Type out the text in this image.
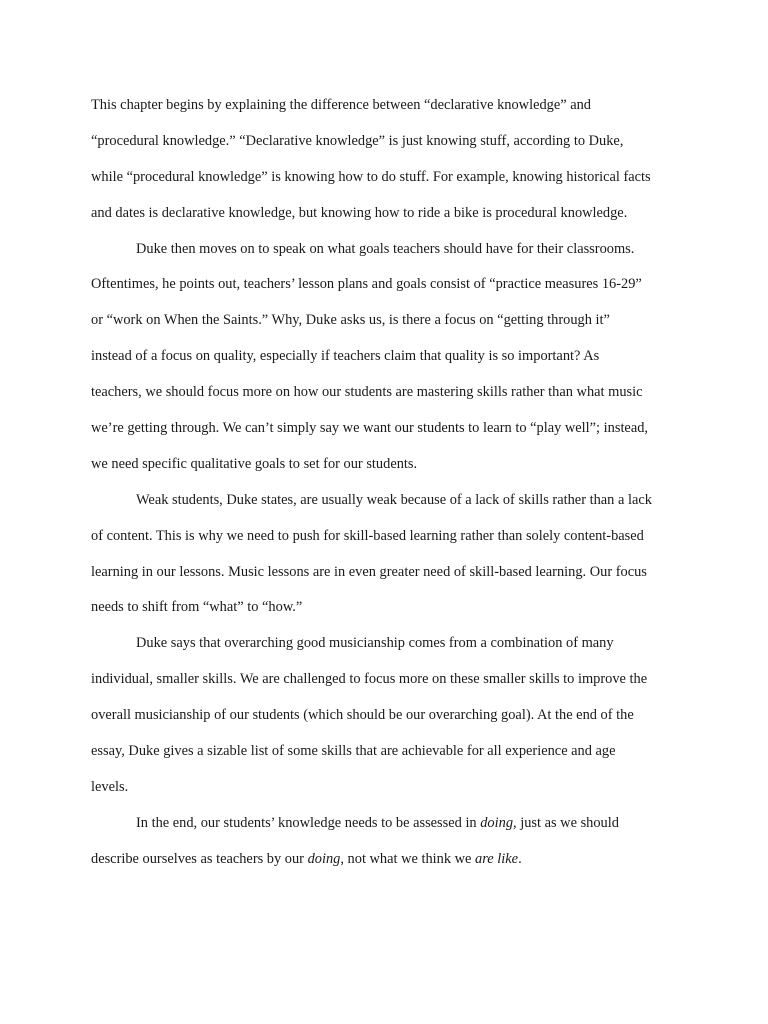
This chapter begins by explaining the difference between “declarative knowledge” and
“procedural knowledge.” “Declarative knowledge” is just knowing stuff, according to Duke,
while “procedural knowledge” is knowing how to do stuff. For example, knowing historical facts
and dates is declarative knowledge, but knowing how to ride a bike is procedural knowledge.
Duke then moves on to speak on what goals teachers should have for their classrooms.
Oftentimes, he points out, teachers’ lesson plans and goals consist of “practice measures 16-29”
or “work on When the Saints.” Why, Duke asks us, is there a focus on “getting through it”
instead of a focus on quality, especially if teachers claim that quality is so important? As
teachers, we should focus more on how our students are mastering skills rather than what music
we’re getting through. We can’t simply say we want our students to learn to “play well”; instead,
we need specific qualitative goals to set for our students.
Weak students, Duke states, are usually weak because of a lack of skills rather than a lack
of content. This is why we need to push for skill-based learning rather than solely content-based
learning in our lessons. Music lessons are in even greater need of skill-based learning. Our focus
needs to shift from “what” to “how.”
Duke says that overarching good musicianship comes from a combination of many
individual, smaller skills. We are challenged to focus more on these smaller skills to improve the
overall musicianship of our students (which should be our overarching goal). At the end of the
essay, Duke gives a sizable list of some skills that are achievable for all experience and age
levels.
In the end, our students’ knowledge needs to be assessed in doing, just as we should
describe ourselves as teachers by our doing, not what we think we are like.
